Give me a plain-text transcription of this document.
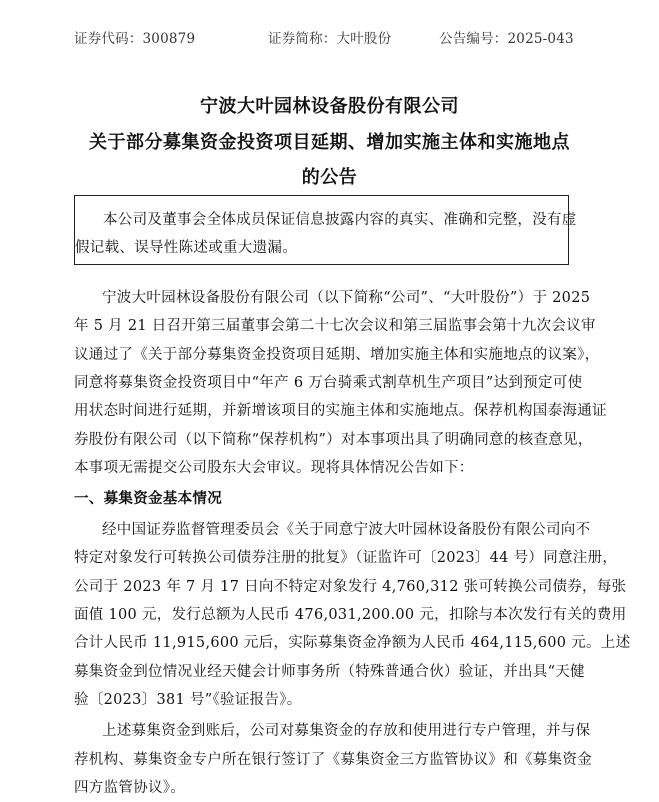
证券代码：300879	证券简称：大叶股份	公告编号：2025-043
宁波大叶园林设备股份有限公司
关于部分募集资金投资项目延期、增加实施主体和实施地点
的公告
本公司及董事会全体成员保证信息披露内容的真实、准确和完整，没有虚
假记载、误导性陈述或重大遗漏。
宁波大叶园林设备股份有限公司（以下简称“公司”、“大叶股份”）于 2025
年 5 月 21 日召开第三届董事会第二十七次会议和第三届监事会第十九次会议审
议通过了《关于部分募集资金投资项目延期、增加实施主体和实施地点的议案》，
同意将募集资金投资项目中“年产 6 万台骑乘式割草机生产项目”达到预定可使
用状态时间进行延期，并新增该项目的实施主体和实施地点。保荐机构国泰海通证
券股份有限公司（以下简称“保荐机构”）对本事项出具了明确同意的核查意见，
本事项无需提交公司股东大会审议。现将具体情况公告如下：
一、募集资金基本情况
经中国证券监督管理委员会《关于同意宁波大叶园林设备股份有限公司向不
特定对象发行可转换公司债券注册的批复》（证监许可〔2023〕44 号）同意注册，
公司于 2023 年 7 月 17 日向不特定对象发行 4,760,312 张可转换公司债券，每张
面值 100 元，发行总额为人民币 476,031,200.00 元，扣除与本次发行有关的费用
合计人民币 11,915,600 元后，实际募集资金净额为人民币 464,115,600 元。上述
募集资金到位情况业经天健会计师事务所（特殊普通合伙）验证，并出具“天健
验〔2023〕381 号”《验证报告》。
上述募集资金到账后，公司对募集资金的存放和使用进行专户管理，并与保
荐机构、募集资金专户所在银行签订了《募集资金三方监管协议》和《募集资金
四方监管协议》。
